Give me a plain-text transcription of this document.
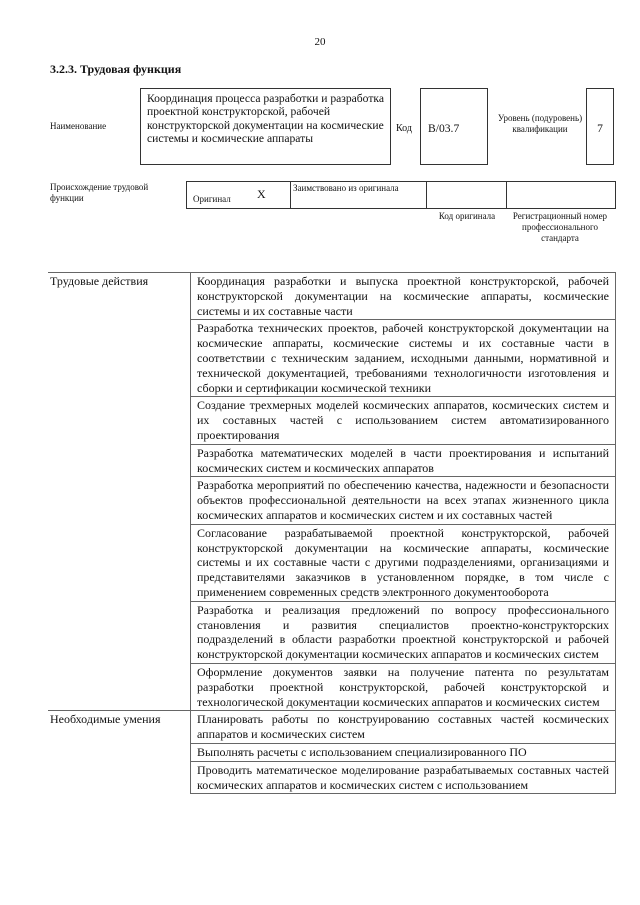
20
3.2.3. Трудовая функция
Наименование
Координация процесса разработки и разработка проектной конструкторской, рабочей конструкторской документации на космические системы и космические аппараты
Код	B/03.7
Уровень (подуровень) квалификации	7
Происхождение трудовой функции	Оригинал X	Заимствовано из оригинала
Код оригинала	Регистрационный номер профессионального стандарта
Трудовые действия	Координация разработки и выпуска проектной конструкторской, рабочей конструкторской документации на космические аппараты, космические системы и их составные части
	Разработка технических проектов, рабочей конструкторской документации на космические аппараты, космические системы и их составные части в соответствии с техническим заданием, исходными данными, нормативной и технической документацией, требованиями технологичности изготовления и сборки и сертификации космической техники
	Создание трехмерных моделей космических аппаратов, космических систем и их составных частей с использованием систем автоматизированного проектирования
	Разработка математических моделей в части проектирования и испытаний космических систем и космических аппаратов
	Разработка мероприятий по обеспечению качества, надежности и безопасности объектов профессиональной деятельности на всех этапах жизненного цикла космических аппаратов и космических систем и их составных частей
	Согласование разрабатываемой проектной конструкторской, рабочей конструкторской документации на космические аппараты, космические системы и их составные части с другими подразделениями, организациями и представителями заказчиков в установленном порядке, в том числе с применением современных средств электронного документооборота
	Разработка и реализация предложений по вопросу профессионального становления и развития специалистов проектно-конструкторских подразделений в области разработки проектной конструкторской и рабочей конструкторской документации космических аппаратов и космических систем
	Оформление документов заявки на получение патента по результатам разработки проектной конструкторской, рабочей конструкторской и технологической документации космических аппаратов и космических систем
Необходимые умения	Планировать работы по конструированию составных частей космических аппаратов и космических систем
	Выполнять расчеты с использованием специализированного ПО
	Проводить математическое моделирование разрабатываемых составных частей космических аппаратов и космических систем с использованием
